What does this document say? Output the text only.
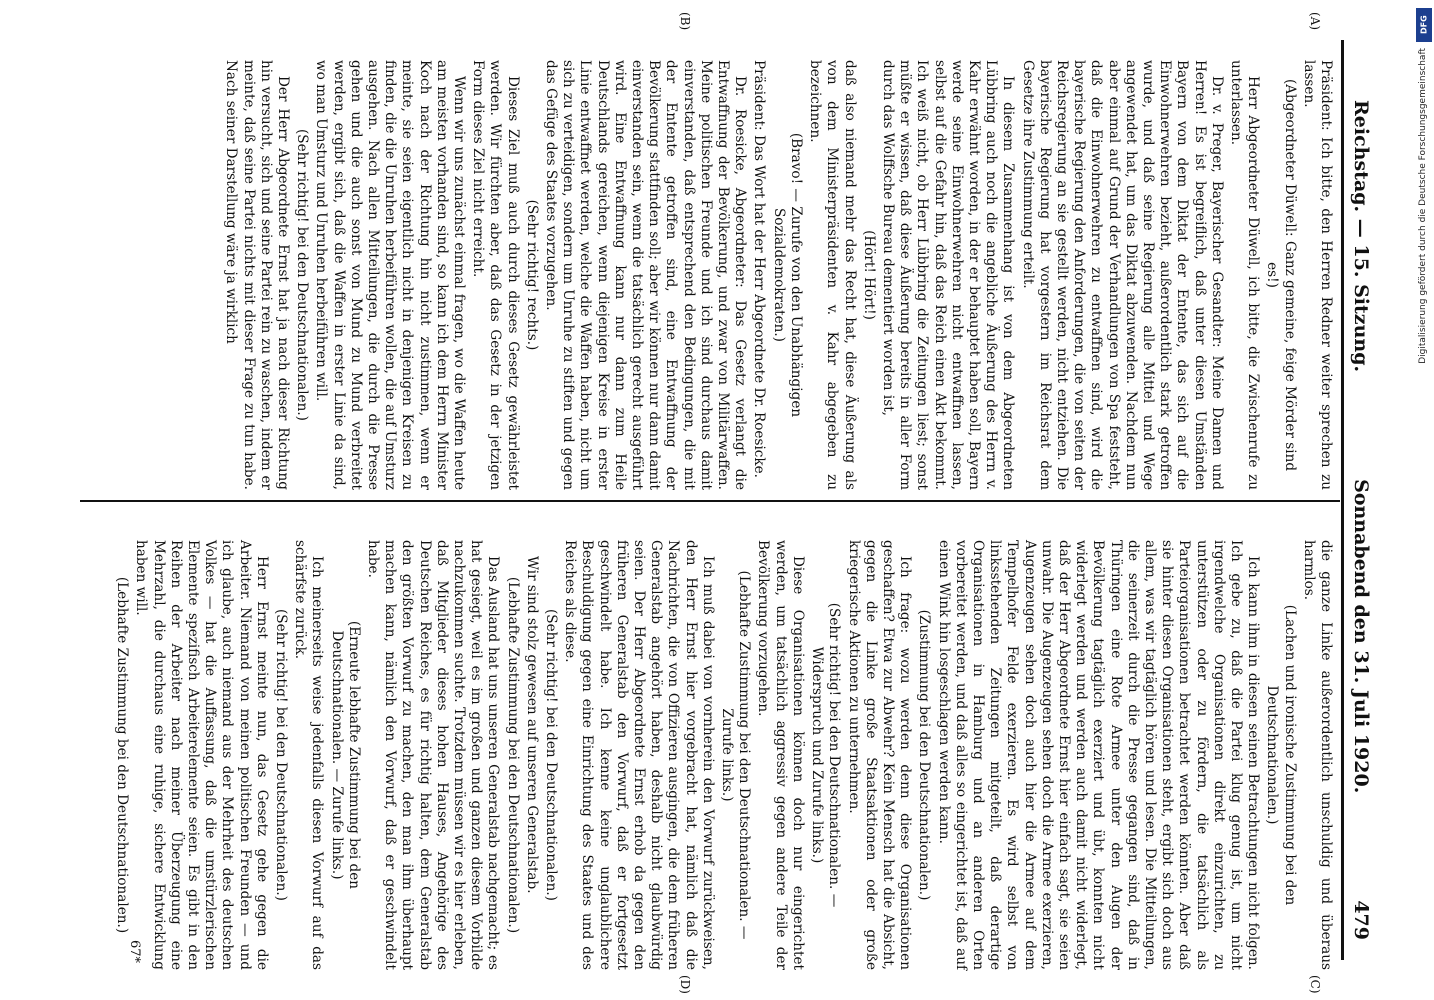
Reichstag. — 15. Sitzung.
Sonnabend den 31. Juli 1920.
479
(A)
(B)
(C)
(D)

Präsident: Ich bitte, den Herren Redner weiter sprechen zu lassen.

(Abgeordneter Düwell: Ganz gemeine, feige Mörder sind es!)

Herr Abgeordneter Düwell, ich bitte, die Zwischenrufe zu unterlassen.

Dr. v. Preger, Bayerischer Gesandter: Meine Damen und Herren! Es ist begreiflich, daß unter diesen Umständen Bayern von dem Diktat der Entente, das sich auf die Einwohnerwehren bezieht, außerordentlich stark getroffen wurde, und daß seine Regierung alle Mittel und Wege angewendet hat, um das Diktat abzuwenden. Nachdem nun aber einmal auf Grund der Verhandlungen von Spa feststeht, daß die Einwohnerwehren zu entwaffnen sind, wird die bayerische Regierung den Anforderungen, die von seiten der Reichsregierung an sie gestellt werden, nicht entziehen. Die bayerische Regierung hat vorgestern im Reichsrat dem Gesetze ihre Zustimmung erteilt.

In diesem Zusammenhang ist von dem Abgeordneten Lübbring auch noch die angebliche Äußerung des Herrn v. Kahr erwähnt worden, in der er behauptet haben soll, Bayern werde seine Einwohnerwehren nicht entwaffnen lassen, selbst auf die Gefahr hin, daß das Reich einen Akt bekommt. Ich weiß nicht, ob Herr Lübbring die Zeitungen liest; sonst müßte er wissen, daß diese Äußerung bereits in aller Form durch das Wolffsche Bureau dementiert worden ist,

(Hört! Hört!)

daß also niemand mehr das Recht hat, diese Äußerung als von dem Ministerpräsidenten v. Kahr abgegeben zu bezeichnen.

(Bravo! — Zurufe von den Unabhängigen Sozialdemokraten.)

Präsident: Das Wort hat der Herr Abgeordnete Dr. Roesicke.

Dr. Roesicke, Abgeordneter: Das Gesetz verlangt die Entwaffnung der Bevölkerung, und zwar von Militärwaffen. Meine politischen Freunde und ich sind durchaus damit einverstanden, daß entsprechend den Bedingungen, die mit der Entente getroffen sind, eine Entwaffnung der Bevölkerung stattfinden soll; aber wir können nur dann damit einverstanden sein, wenn die tatsächlich gerecht ausgeführt wird. Eine Entwaffnung kann nur dann zum Heile Deutschlands gereichen, wenn diejenigen Kreise in erster Linie entwaffnet werden, welche die Waffen haben, nicht um sich zu verteidigen, sondern um Unruhe zu stiften und gegen das Gefüge des Staates vorzugehen.

(Sehr richtig! rechts.)

Dieses Ziel muß auch durch dieses Gesetz gewährleistet werden. Wir fürchten aber, daß das Gesetz in der jetzigen Form dieses Ziel nicht erreicht.

Wenn wir uns zunächst einmal fragen, wo die Waffen heute am meisten vorhanden sind, so kann ich dem Herrn Minister Koch nach der Richtung hin nicht zustimmen, wenn er meinte, sie seien eigentlich nicht in denjenigen Kreisen zu finden, die die Unruhen herbeiführen wollen, die auf Umsturz ausgehen. Nach allen Mitteilungen, die durch die Presse gehen und die auch sonst von Mund zu Mund verbreitet werden, ergibt sich, daß die Waffen in erster Linie da sind, wo man Umsturz und Unruhen herbeiführen will.

(Sehr richtig! bei den Deutschnationalen.)

Der Herr Abgeordnete Ernst hat ja nach dieser Richtung hin versucht, sich und seine Partei rein zu waschen, indem er meinte, daß seine Partei nichts mit dieser Frage zu tun habe. Nach seiner Darstellung wäre ja wirklich

die ganze Linke außerordentlich unschuldig und überaus harmlos.

(Lachen und ironische Zustimmung bei den Deutschnationalen.)

Ich kann ihm in diesen seinen Betrachtungen nicht folgen. Ich gebe zu, daß die Partei klug genug ist, um nicht irgendwelche Organisationen direkt einzurichten, zu unterstützen oder zu fördern, die tatsächlich als Parteiorganisationen betrachtet werden könnten. Aber daß sie hinter diesen Organisationen steht, ergibt sich doch aus allem, was wir tagtäglich hören und lesen. Die Mitteilungen, die seinerzeit durch die Presse gegangen sind, daß in Thüringen eine Rote Armee unter den Augen der Bevölkerung tagtäglich exerziert und übt, konnten nicht widerlegt werden und werden auch damit nicht widerlegt, daß der Herr Abgeordnete Ernst hier einfach sagt, sie seien unwahr. Die Augenzeugen sehen doch die Armee exerzieren, Augenzeugen sehen doch auch hier die Armee auf dem Tempelhofer Felde exerzieren. Es wird selbst von linksstehenden Zeitungen mitgeteilt, daß derartige Organisationen in Hamburg und an anderen Orten vorbereitet werden, und daß alles so eingerichtet ist, daß auf einen Wink hin losgeschlagen werden kann.

(Zustimmung bei den Deutschnationalen.)

Ich frage: wozu werden denn diese Organisationen geschaffen? Etwa zur Abwehr? Kein Mensch hat die Absicht, gegen die Linke große Staatsaktionen oder große kriegerische Aktionen zu unternehmen.

(Sehr richtig! bei den Deutschnationalen. — Widerspruch und Zurufe links.)

Diese Organisationen können doch nur eingerichtet werden, um tatsächlich aggressiv gegen andere Teile der Bevölkerung vorzugehen.

(Lebhafte Zustimmung bei den Deutschnationalen. — Zurufe links.)

Ich muß dabei von vornherein den Vorwurf zurückweisen, den Herr Ernst hier vorgebracht hat, nämlich daß die Nachrichten, die von Offizieren ausgingen, die dem früheren Generalstab angehört haben, deshalb nicht glaubwürdig seien. Der Herr Abgeordnete Ernst erhob da gegen den früheren Generalstab den Vorwurf, daß er fortgesetzt geschwindelt habe. Ich kenne keine unglaublichere Beschuldigung gegen eine Einrichtung des Staates und des Reiches als diese.

(Sehr richtig! bei den Deutschnationalen.)

Wir sind stolz gewesen auf unseren Generalstab.

(Lebhafte Zustimmung bei den Deutschnationalen.)

Das Ausland hat uns unseren Generalstab nachgemacht; es hat gesiegt, weil es im großen und ganzen diesem Vorbilde nachzukommen suchte. Trotzdem müssen wir es hier erleben, daß Mitglieder dieses hohen Hauses, Angehörige des Deutschen Reiches, es für richtig halten, dem Generalstab den größten Vorwurf zu machen, den man ihm überhaupt machen kann, nämlich den Vorwurf, daß er geschwindelt habe.

(Erneute lebhafte Zustimmung bei den Deutschnationalen. — Zurufe links.)

Ich meinerseits weise jedenfalls diesen Vorwurf auf das schärfste zurück.

(Sehr richtig! bei den Deutschnationalen.)

Herr Ernst meinte nun, das Gesetz gehe gegen die Arbeiter. Niemand von meinen politischen Freunden — und ich glaube, auch niemand aus der Mehrheit des deutschen Volkes — hat die Auffassung, daß die umstürzlerischen Elemente spezifisch Arbeiterelemente seien. Es gibt in den Reihen der Arbeiter nach meiner Überzeugung eine Mehrzahl, die durchaus eine ruhige, sichere Entwicklung haben will.

(Lebhafte Zustimmung bei den Deutschnationalen.)

67*
DFG
Digitalisierung gefördert durch die Deutsche Forschungsgemeinschaft
